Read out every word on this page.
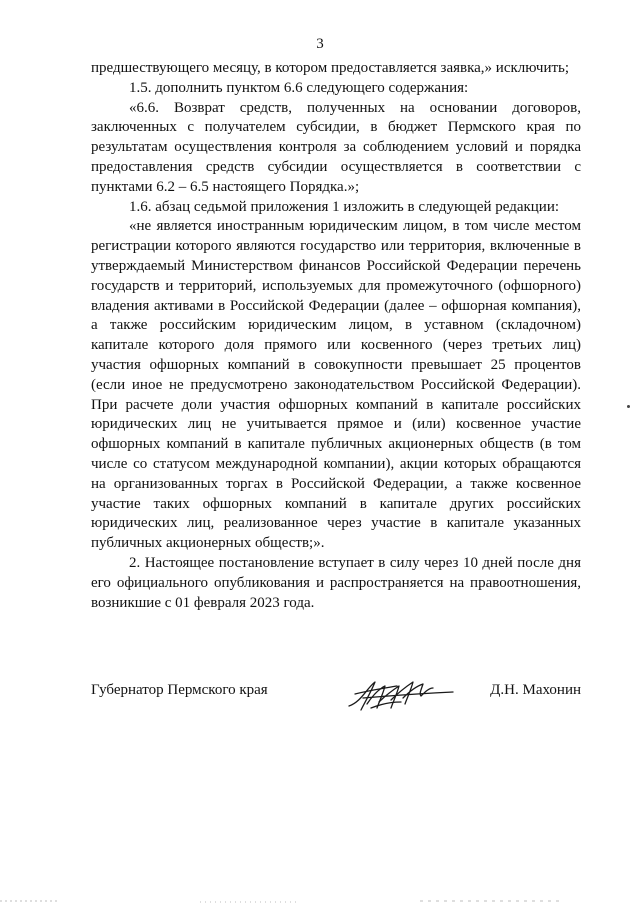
3

предшествующего месяцу, в котором предоставляется заявка,» исключить;

1.5. дополнить пунктом 6.6 следующего содержания:

«6.6. Возврат средств, полученных на основании договоров, заключенных с получателем субсидии, в бюджет Пермского края по результатам осуществления контроля за соблюдением условий и порядка предоставления средств субсидии осуществляется в соответствии с пунктами 6.2 – 6.5 настоящего Порядка.»;

1.6. абзац седьмой приложения 1 изложить в следующей редакции:

«не является иностранным юридическим лицом, в том числе местом регистрации которого являются государство или территория, включенные в утверждаемый Министерством финансов Российской Федерации перечень государств и территорий, используемых для промежуточного (офшорного) владения активами в Российской Федерации (далее – офшорная компания), а также российским юридическим лицом, в уставном (складочном) капитале которого доля прямого или косвенного (через третьих лиц) участия офшорных компаний в совокупности превышает 25 процентов (если иное не предусмотрено законодательством Российской Федерации). При расчете доли участия офшорных компаний в капитале российских юридических лиц не учитывается прямое и (или) косвенное участие офшорных компаний в капитале публичных акционерных обществ (в том числе со статусом международной компании), акции которых обращаются на организованных торгах в Российской Федерации, а также косвенное участие таких офшорных компаний в капитале других российских юридических лиц, реализованное через участие в капитале указанных публичных акционерных обществ;».

2. Настоящее постановление вступает в силу через 10 дней после дня его официального опубликования и распространяется на правоотношения, возникшие с 01 февраля 2023 года.

Губернатор Пермского края	Д.Н. Махонин
